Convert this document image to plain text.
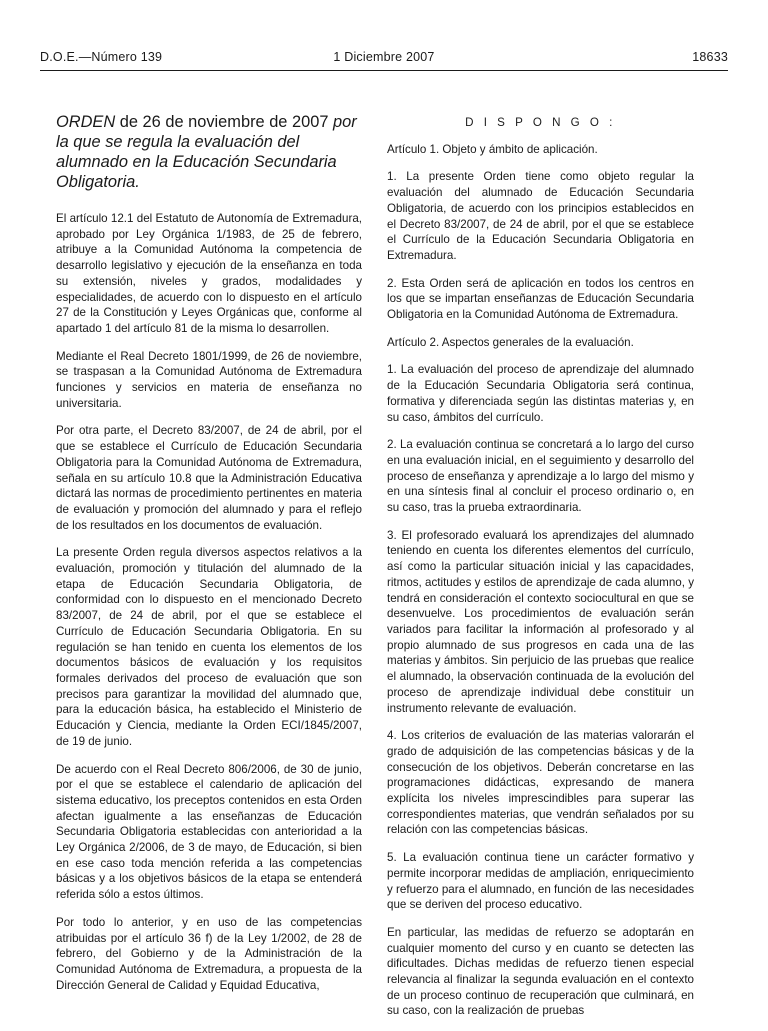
D.O.E.—Número 139	1 Diciembre 2007	18633
ORDEN de 26 de noviembre de 2007 por la que se regula la evaluación del alumnado en la Educación Secundaria Obligatoria.

El artículo 12.1 del Estatuto de Autonomía de Extremadura, aprobado por Ley Orgánica 1/1983, de 25 de febrero, atribuye a la Comunidad Autónoma la competencia de desarrollo legislativo y ejecución de la enseñanza en toda su extensión, niveles y grados, modalidades y especialidades, de acuerdo con lo dispuesto en el artículo 27 de la Constitución y Leyes Orgánicas que, conforme al apartado 1 del artículo 81 de la misma lo desarrollen.

Mediante el Real Decreto 1801/1999, de 26 de noviembre, se traspasan a la Comunidad Autónoma de Extremadura funciones y servicios en materia de enseñanza no universitaria.

Por otra parte, el Decreto 83/2007, de 24 de abril, por el que se establece el Currículo de Educación Secundaria Obligatoria para la Comunidad Autónoma de Extremadura, señala en su artículo 10.8 que la Administración Educativa dictará las normas de procedimiento pertinentes en materia de evaluación y promoción del alumnado y para el reflejo de los resultados en los documentos de evaluación.

La presente Orden regula diversos aspectos relativos a la evaluación, promoción y titulación del alumnado de la etapa de Educación Secundaria Obligatoria, de conformidad con lo dispuesto en el mencionado Decreto 83/2007, de 24 de abril, por el que se establece el Currículo de Educación Secundaria Obligatoria. En su regulación se han tenido en cuenta los elementos de los documentos básicos de evaluación y los requisitos formales derivados del proceso de evaluación que son precisos para garantizar la movilidad del alumnado que, para la educación básica, ha establecido el Ministerio de Educación y Ciencia, mediante la Orden ECI/1845/2007, de 19 de junio.

De acuerdo con el Real Decreto 806/2006, de 30 de junio, por el que se establece el calendario de aplicación del sistema educativo, los preceptos contenidos en esta Orden afectan igualmente a las enseñanzas de Educación Secundaria Obligatoria establecidas con anterioridad a la Ley Orgánica 2/2006, de 3 de mayo, de Educación, si bien en ese caso toda mención referida a las competencias básicas y a los objetivos básicos de la etapa se entenderá referida sólo a estos últimos.

Por todo lo anterior, y en uso de las competencias atribuidas por el artículo 36 f) de la Ley 1/2002, de 28 de febrero, del Gobierno y de la Administración de la Comunidad Autónoma de Extremadura, a propuesta de la Dirección General de Calidad y Equidad Educativa,

D I S P O N G O :
Artículo 1. Objeto y ámbito de aplicación.

1. La presente Orden tiene como objeto regular la evaluación del alumnado de Educación Secundaria Obligatoria, de acuerdo con los principios establecidos en el Decreto 83/2007, de 24 de abril, por el que se establece el Currículo de la Educación Secundaria Obligatoria en Extremadura.

2. Esta Orden será de aplicación en todos los centros en los que se impartan enseñanzas de Educación Secundaria Obligatoria en la Comunidad Autónoma de Extremadura.

Artículo 2. Aspectos generales de la evaluación.

1. La evaluación del proceso de aprendizaje del alumnado de la Educación Secundaria Obligatoria será continua, formativa y diferenciada según las distintas materias y, en su caso, ámbitos del currículo.

2. La evaluación continua se concretará a lo largo del curso en una evaluación inicial, en el seguimiento y desarrollo del proceso de enseñanza y aprendizaje a lo largo del mismo y en una síntesis final al concluir el proceso ordinario o, en su caso, tras la prueba extraordinaria.

3. El profesorado evaluará los aprendizajes del alumnado teniendo en cuenta los diferentes elementos del currículo, así como la particular situación inicial y las capacidades, ritmos, actitudes y estilos de aprendizaje de cada alumno, y tendrá en consideración el contexto sociocultural en que se desenvuelve. Los procedimientos de evaluación serán variados para facilitar la información al profesorado y al propio alumnado de sus progresos en cada una de las materias y ámbitos. Sin perjuicio de las pruebas que realice el alumnado, la observación continuada de la evolución del proceso de aprendizaje individual debe constituir un instrumento relevante de evaluación.

4. Los criterios de evaluación de las materias valorarán el grado de adquisición de las competencias básicas y de la consecución de los objetivos. Deberán concretarse en las programaciones didácticas, expresando de manera explícita los niveles imprescindibles para superar las correspondientes materias, que vendrán señalados por su relación con las competencias básicas.

5. La evaluación continua tiene un carácter formativo y permite incorporar medidas de ampliación, enriquecimiento y refuerzo para el alumnado, en función de las necesidades que se deriven del proceso educativo.

En particular, las medidas de refuerzo se adoptarán en cualquier momento del curso y en cuanto se detecten las dificultades. Dichas medidas de refuerzo tienen especial relevancia al finalizar la segunda evaluación en el contexto de un proceso continuo de recuperación que culminará, en su caso, con la realización de pruebas
